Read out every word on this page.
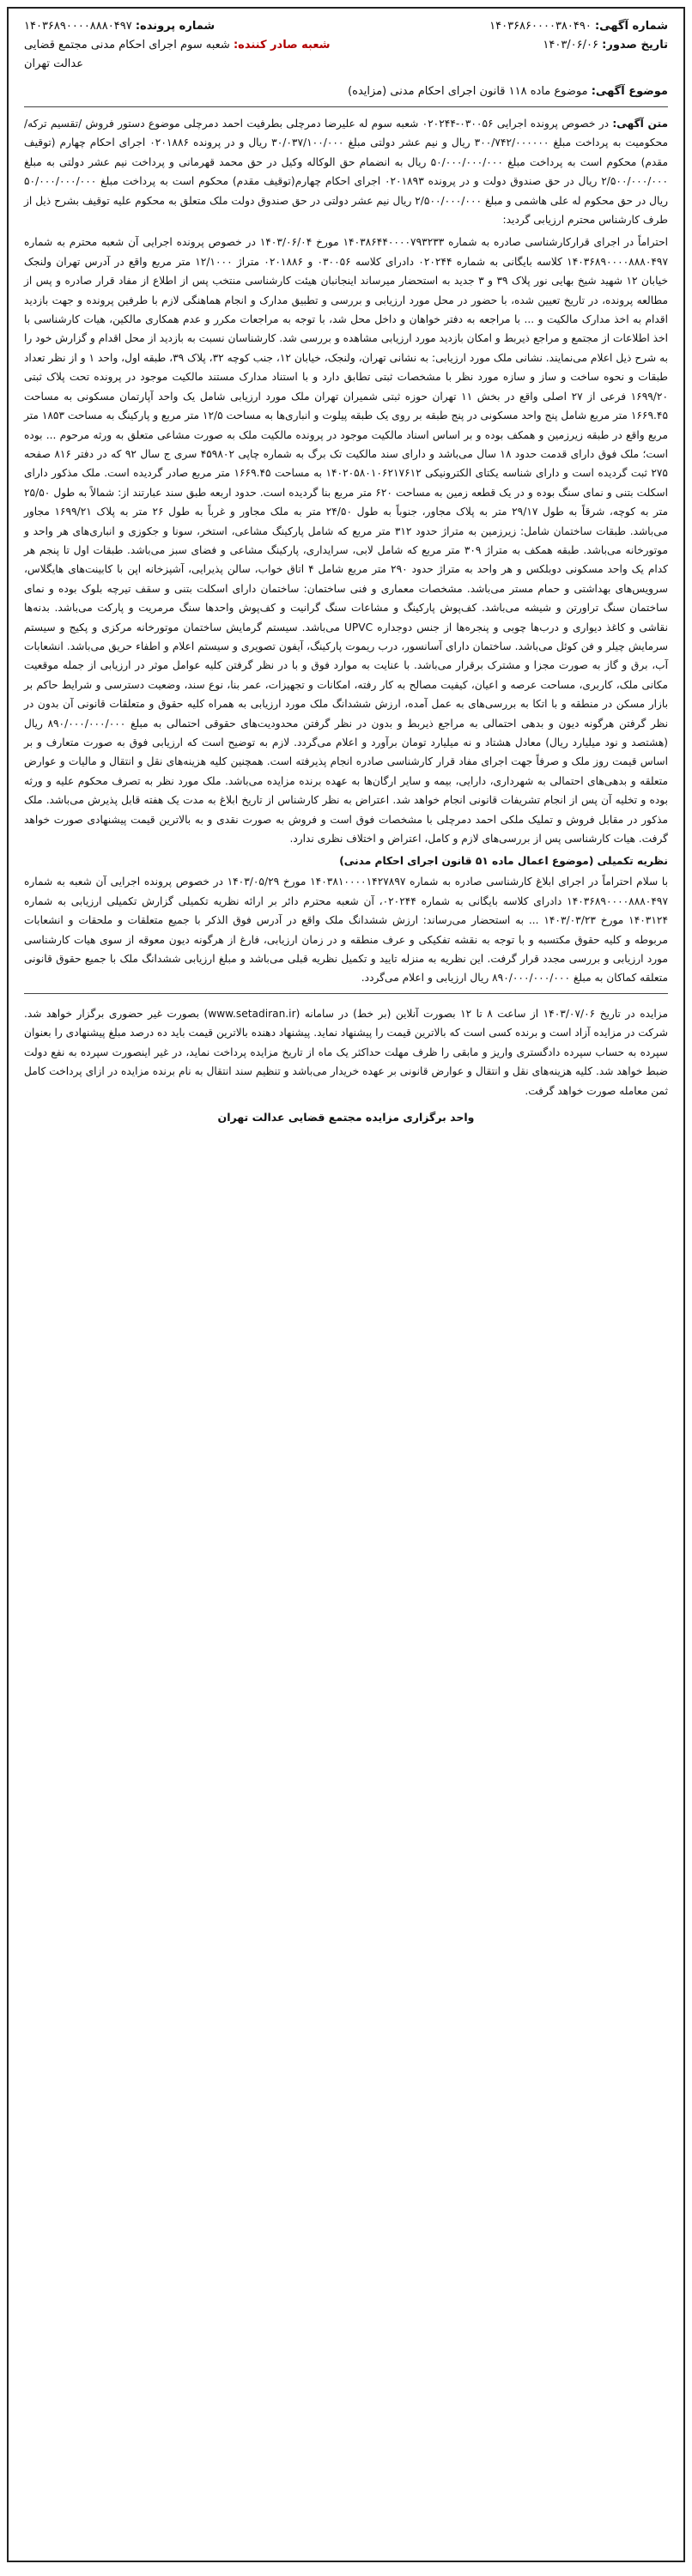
شماره آگهی: ۱۴۰۳۶۸۶۰۰۰۰۳۸۰۴۹۰
تاریخ صدور: ۱۴۰۳/۰۶/۰۶
شماره پرونده: ۱۴۰۳۶۸۹۰۰۰۰۸۸۸۰۴۹۷
شعبه صادر کننده: شعبه سوم اجرای احکام مدنی مجتمع قضایی عدالت تهران
موضوع آگهی: موضوع ماده ۱۱۸ قانون اجرای احکام مدنی (مزایده)

متن آگهی: در خصوص پرونده اجرایی ۰۳۰۰۵۶-۰۲۰۲۴۴ شعبه سوم له علیرضا دمرچلی بطرفیت احمد دمرچلی موضوع دستور فروش /تقسیم ترکه/ محکومیت به پرداخت مبلغ ۳۰۰/۷۴۲/۰۰۰۰۰۰ ریال و نیم عشر دولتی مبلغ ۳۰/۰۳۷/۱۰۰/۰۰۰ ریال و در پرونده ۰۲۰۱۸۸۶ اجرای احکام چهارم (توقیف مقدم) محکوم است به پرداخت مبلغ ۵۰/۰۰۰/۰۰۰/۰۰۰ ریال به انضمام حق الوکاله وکیل در حق محمد قهرمانی و پرداخت نیم عشر دولتی به مبلغ ۲/۵۰۰/۰۰۰/۰۰۰ ریال در حق صندوق دولت و در پرونده ۰۲۰۱۸۹۳ اجرای احکام چهارم(توقیف مقدم) محکوم است به پرداخت مبلغ ۵۰/۰۰۰/۰۰۰/۰۰۰ ریال در حق محکوم له علی هاشمی و مبلغ ۲/۵۰۰/۰۰۰/۰۰۰ ریال نیم عشر دولتی در حق صندوق دولت ملک متعلق به محکوم علیه توقیف بشرح ذیل از طرف کارشناس محترم ارزیابی گردید:

احتراماً در اجرای قرارکارشناسی صادره به شماره ۱۴۰۳۸۶۴۴۰۰۰۰۷۹۳۲۳۳ مورخ ۱۴۰۳/۰۶/۰۴ در خصوص پرونده اجرایی آن شعبه محترم به شماره ۱۴۰۳۶۸۹۰۰۰۰۸۸۸۰۴۹۷ کلاسه بایگانی به شماره ۰۲۰۲۴۴ دادرای کلاسه ۰۳۰۰۵۶ و ۰۲۰۱۸۸۶ متراژ ۱۲/۱۰۰۰ متر مربع واقع در آدرس تهران ولنجک خیابان ۱۲ شهید شیخ بهایی نور پلاک ۳۹ و ۳ جدید به استحضار میرساند اینجانبان هیئت کارشناسی منتخب پس از اطلاع از مفاد قرار صادره و پس از مطالعه پرونده، در تاریخ تعیین شده، با حضور در محل مورد ارزیابی و بررسی و تطبیق مدارک و انجام هماهنگی لازم با طرفین پرونده و جهت بازدید اقدام به اخذ مدارک مالکیت و ... با مراجعه به دفتر خواهان و داخل محل شد، با توجه به مراجعات مکرر و عدم همکاری مالکین، هیات کارشناسی با اخذ اطلاعات از مجتمع و مراجع ذیربط و امکان بازدید مورد ارزیابی مشاهده و بررسی شد. کارشناسان نسبت به بازدید از محل اقدام و گزارش خود را به شرح ذیل اعلام می‌نمایند. نشانی ملک مورد ارزیابی: به نشانی تهران، ولنجک، خیابان ۱۲، جنب کوچه ۳۲، پلاک ۳۹، طبقه اول، واحد ۱ و از نظر تعداد طبقات و نحوه ساخت و ساز و سازه مورد نظر با مشخصات ثبتی تطابق دارد و با استناد مدارک مستند مالکیت موجود در پرونده تحت پلاک ثبتی ۱۶۹۹/۲۰ فرعی از ۲۷ اصلی واقع در بخش ۱۱ تهران حوزه ثبتی شمیران تهران ملک مورد ارزیابی شامل یک واحد آپارتمان مسکونی به مساحت ۱۶۶۹.۴۵ متر مربع شامل پنج واحد مسکونی در پنج طبقه بر روی یک طبقه پیلوت و انباری‌ها به مساحت ۱۲/۵ متر مربع و پارکینگ به مساحت ۱۸۵۳ متر مربع واقع در طبقه زیرزمین و همکف بوده و بر اساس اسناد مالکیت موجود در پرونده مالکیت ملک به صورت مشاعی متعلق به ورثه مرحوم ... بوده است؛ ملک فوق دارای قدمت حدود ۱۸ سال می‌باشد و دارای سند مالکیت تک برگ به شماره چاپی ۴۵۹۸۰۲ سری ج سال ۹۲ که در دفتر ۸۱۶ صفحه ۲۷۵ ثبت گردیده است و دارای شناسه یکتای الکترونیکی ۱۴۰۲۰۵۸۰۱۰۶۲۱۷۶۱۲ به مساحت ۱۶۶۹.۴۵ متر مربع صادر گردیده است. ملک مذکور دارای اسکلت بتنی و نمای سنگ بوده و در یک قطعه زمین به مساحت ۶۲۰ متر مربع بنا گردیده است. حدود اربعه طبق سند عبارتند از: شمالاً به طول ۲۵/۵۰ متر به کوچه، شرقاً به طول ۲۹/۱۷ متر به پلاک مجاور، جنوباً به طول ۲۴/۵۰ متر به ملک مجاور و غرباً به طول ۲۶ متر به پلاک ۱۶۹۹/۲۱ مجاور می‌باشد. طبقات ساختمان شامل: زیرزمین به متراژ حدود ۳۱۲ متر مربع که شامل پارکینگ مشاعی، استخر، سونا و جکوزی و انباری‌های هر واحد و موتورخانه می‌باشد. طبقه همکف به متراژ ۳۰۹ متر مربع که شامل لابی، سرایداری، پارکینگ مشاعی و فضای سبز می‌باشد. طبقات اول تا پنجم هر کدام یک واحد مسکونی دوبلکس و هر واحد به متراژ حدود ۲۹۰ متر مربع شامل ۴ اتاق خواب، سالن پذیرایی، آشپزخانه اپن با کابینت‌های هایگلاس، سرویس‌های بهداشتی و حمام مستر می‌باشد. مشخصات معماری و فنی ساختمان: ساختمان دارای اسکلت بتنی و سقف تیرچه بلوک بوده و نمای ساختمان سنگ تراورتن و شیشه می‌باشد. کف‌پوش پارکینگ و مشاعات سنگ گرانیت و کف‌پوش واحدها سنگ مرمریت و پارکت می‌باشد. بدنه‌ها نقاشی و کاغذ دیواری و درب‌ها چوبی و پنجره‌ها از جنس دوجداره UPVC می‌باشد. سیستم گرمایش ساختمان موتورخانه مرکزی و پکیج و سیستم سرمایش چیلر و فن کوئل می‌باشد. ساختمان دارای آسانسور، درب ریموت پارکینگ، آیفون تصویری و سیستم اعلام و اطفاء حریق می‌باشد. انشعابات آب، برق و گاز به صورت مجزا و مشترک برقرار می‌باشد. با عنایت به موارد فوق و با در نظر گرفتن کلیه عوامل موثر در ارزیابی از جمله موقعیت مکانی ملک، کاربری، مساحت عرصه و اعیان، کیفیت مصالح به کار رفته، امکانات و تجهیزات، عمر بنا، نوع سند، وضعیت دسترسی و شرایط حاکم بر بازار مسکن در منطقه و با اتکا به بررسی‌های به عمل آمده، ارزش ششدانگ ملک مورد ارزیابی به همراه کلیه حقوق و متعلقات قانونی آن بدون در نظر گرفتن هرگونه دیون و بدهی احتمالی به مراجع ذیربط و بدون در نظر گرفتن محدودیت‌های حقوقی احتمالی به مبلغ ۸۹۰/۰۰۰/۰۰۰/۰۰۰ ریال (هشتصد و نود میلیارد ریال) معادل هشتاد و نه میلیارد تومان برآورد و اعلام می‌گردد. لازم به توضیح است که ارزیابی فوق به صورت متعارف و بر اساس قیمت روز ملک و صرفاً جهت اجرای مفاد قرار کارشناسی صادره انجام پذیرفته است. همچنین کلیه هزینه‌های نقل و انتقال و مالیات و عوارض متعلقه و بدهی‌های احتمالی به شهرداری، دارایی، بیمه و سایر ارگان‌ها به عهده برنده مزایده می‌باشد. ملک مورد نظر به تصرف محکوم علیه و ورثه بوده و تخلیه آن پس از انجام تشریفات قانونی انجام خواهد شد. اعتراض به نظر کارشناس از تاریخ ابلاغ به مدت یک هفته قابل پذیرش می‌باشد. ملک مذکور در مقابل فروش و تملیک ملکی احمد دمرچلی با مشخصات فوق است و فروش به صورت نقدی و به بالاترین قیمت پیشنهادی صورت خواهد گرفت. هیات کارشناسی پس از بررسی‌های لازم و کامل، اعتراض و اختلاف نظری ندارد.

نظریه تکمیلی (موضوع اعمال ماده ۵۱ قانون اجرای احکام مدنی)

با سلام احتراماً در اجرای ابلاغ کارشناسی صادره به شماره ۱۴۰۳۸۱۰۰۰۰۱۴۲۷۸۹۷ مورخ ۱۴۰۳/۰۵/۲۹ در خصوص پرونده اجرایی آن شعبه به شماره ۱۴۰۳۶۸۹۰۰۰۰۸۸۸۰۴۹۷ دادرای کلاسه بایگانی به شماره ۰۲۰۲۴۴، آن شعبه محترم دائر بر ارائه نظریه تکمیلی گزارش تکمیلی ارزیابی به شماره ۱۴۰۳۱۲۴ مورخ ۱۴۰۳/۰۳/۲۳ ... به استحضار می‌رساند: ارزش ششدانگ ملک واقع در آدرس فوق الذکر با جمیع متعلقات و ملحقات و انشعابات مربوطه و کلیه حقوق مکتسبه و با توجه به نقشه تفکیکی و عرف منطقه و در زمان ارزیابی، فارغ از هرگونه دیون معوقه از سوی هیات کارشناسی مورد ارزیابی و بررسی مجدد قرار گرفت. این نظریه به منزله تایید و تکمیل نظریه قبلی می‌باشد و مبلغ ارزیابی ششدانگ ملک با جمیع حقوق قانونی متعلقه کماکان به مبلغ ۸۹۰/۰۰۰/۰۰۰/۰۰۰ ریال ارزیابی و اعلام می‌گردد.

مزایده در تاریخ ۱۴۰۳/۰۷/۰۶ از ساعت ۸ تا ۱۲ بصورت آنلاین (بر خط) در سامانه (www.setadiran.ir) بصورت غیر حضوری برگزار خواهد شد. شرکت در مزایده آزاد است و برنده کسی است که بالاترین قیمت را پیشنهاد نماید. پیشنهاد دهنده بالاترین قیمت باید ده درصد مبلغ پیشنهادی را بعنوان سپرده به حساب سپرده دادگستری واریز و مابقی را ظرف مهلت حداکثر یک ماه از تاریخ مزایده پرداخت نماید، در غیر اینصورت سپرده به نفع دولت ضبط خواهد شد. کلیه هزینه‌های نقل و انتقال و عوارض قانونی بر عهده خریدار می‌باشد و تنظیم سند انتقال به نام برنده مزایده در ازای پرداخت کامل ثمن معامله صورت خواهد گرفت.

واحد برگزاری مزایده مجتمع قضایی عدالت تهران
